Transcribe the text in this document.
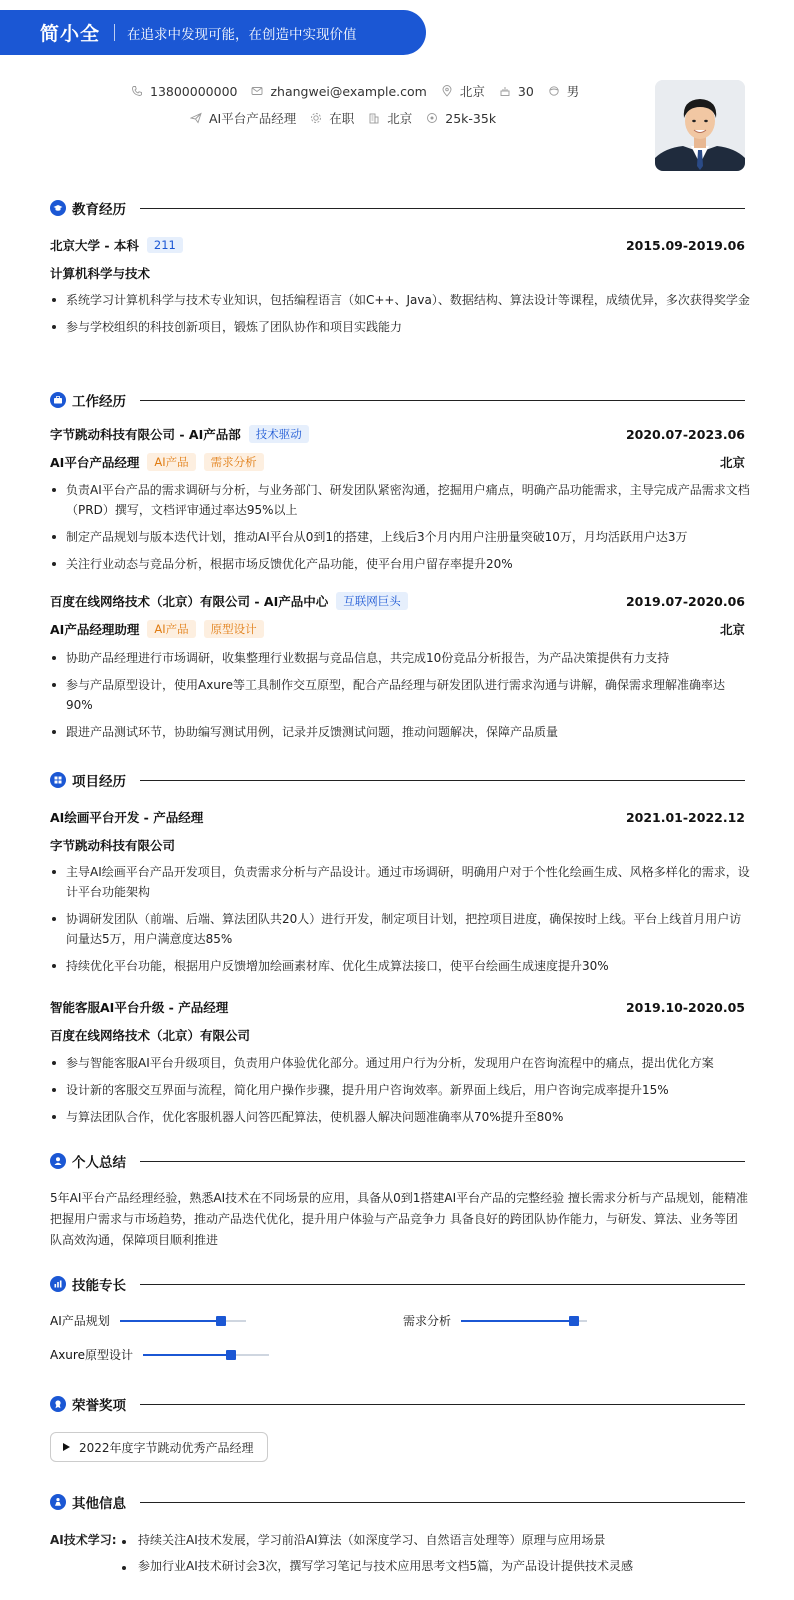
简小全 在追求中发现可能，在创造中实现价值
13800000000	zhangwei@example.com	北京	30	男
AI平台产品经理	在职	北京	25k-35k
教育经历
北京大学 - 本科	211	2015.09-2019.06
计算机科学与技术
系统学习计算机科学与技术专业知识，包括编程语言（如C++、Java）、数据结构、算法设计等课程，成绩优异，多次获得奖学金
参与学校组织的科技创新项目，锻炼了团队协作和项目实践能力
工作经历
字节跳动科技有限公司 - AI产品部	技术驱动	2020.07-2023.06
AI平台产品经理	AI产品	需求分析	北京
负责AI平台产品的需求调研与分析，与业务部门、研发团队紧密沟通，挖掘用户痛点，明确产品功能需求，主导完成产品需求文档（PRD）撰写，文档评审通过率达95%以上
制定产品规划与版本迭代计划，推动AI平台从0到1的搭建，上线后3个月内用户注册量突破10万，月均活跃用户达3万
关注行业动态与竞品分析，根据市场反馈优化产品功能，使平台用户留存率提升20%
百度在线网络技术（北京）有限公司 - AI产品中心	互联网巨头	2019.07-2020.06
AI产品经理助理	AI产品	原型设计	北京
协助产品经理进行市场调研，收集整理行业数据与竞品信息，共完成10份竞品分析报告，为产品决策提供有力支持
参与产品原型设计，使用Axure等工具制作交互原型，配合产品经理与研发团队进行需求沟通与讲解，确保需求理解准确率达90%
跟进产品测试环节，协助编写测试用例，记录并反馈测试问题，推动问题解决，保障产品质量
项目经历
AI绘画平台开发 - 产品经理	2021.01-2022.12
字节跳动科技有限公司
主导AI绘画平台产品开发项目，负责需求分析与产品设计。通过市场调研，明确用户对于个性化绘画生成、风格多样化的需求，设计平台功能架构
协调研发团队（前端、后端、算法团队共20人）进行开发，制定项目计划，把控项目进度，确保按时上线。平台上线首月用户访问量达5万，用户满意度达85%
持续优化平台功能，根据用户反馈增加绘画素材库、优化生成算法接口，使平台绘画生成速度提升30%
智能客服AI平台升级 - 产品经理	2019.10-2020.05
百度在线网络技术（北京）有限公司
参与智能客服AI平台升级项目，负责用户体验优化部分。通过用户行为分析，发现用户在咨询流程中的痛点，提出优化方案
设计新的客服交互界面与流程，简化用户操作步骤，提升用户咨询效率。新界面上线后，用户咨询完成率提升15%
与算法团队合作，优化客服机器人问答匹配算法，使机器人解决问题准确率从70%提升至80%
个人总结
5年AI平台产品经理经验，熟悉AI技术在不同场景的应用，具备从0到1搭建AI平台产品的完整经验 擅长需求分析与产品规划，能精准
把握用户需求与市场趋势，推动产品迭代优化，提升用户体验与产品竞争力 具备良好的跨团队协作能力，与研发、算法、业务等团
队高效沟通，保障项目顺利推进
技能专长
AI产品规划	需求分析
Axure原型设计
荣誉奖项
2022年度字节跳动优秀产品经理
其他信息
AI技术学习:	持续关注AI技术发展，学习前沿AI算法（如深度学习、自然语言处理等）原理与应用场景
参加行业AI技术研讨会3次，撰写学习笔记与技术应用思考文档5篇，为产品设计提供技术灵感
